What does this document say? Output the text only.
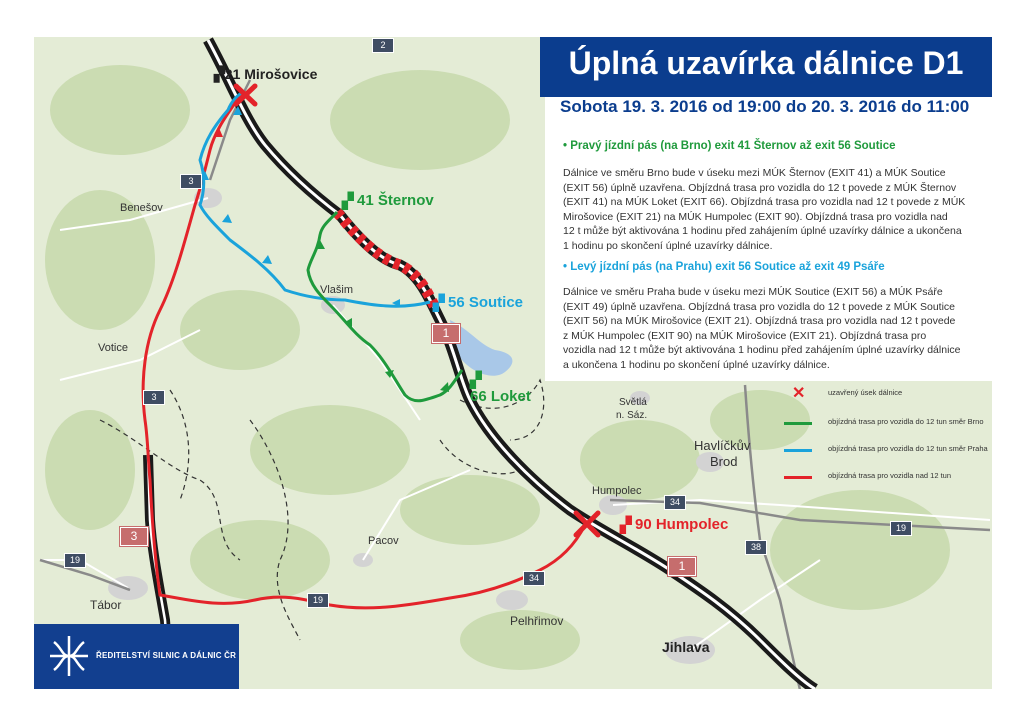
▞21 Mirošovice
▞ 41 Šternov
▞ 56 Soutice
▞
66 Loket
▞ 90 Humpolec
Benešov
Vlašim
Votice
Světlá
n. Sáz.
Havlíčkův
Brod
Humpolec
Pacov
Tábor
Pelhřimov
Jihlava
2
3
3
19
19
19
34
34
38
1
1
3
Úplná uzavírka dálnice D1
Sobota 19. 3. 2016 od 19:00 do 20. 3. 2016 do 11:00
• Pravý jízdní pás (na Brno) exit 41 Šternov až exit 56 Soutice
Dálnice ve směru Brno bude v úseku mezi MÚK Šternov (EXIT 41) a MÚK Soutice
(EXIT 56) úplně uzavřena. Objízdná trasa pro vozidla do 12 t povede z MÚK Šternov
(EXIT 41) na MÚK Loket (EXIT 66). Objízdná trasa pro vozidla nad 12 t povede z MÚK
Mirošovice (EXIT 21) na MÚK Humpolec (EXIT 90). Objízdná trasa pro vozidla nad
12 t může být aktivována 1 hodinu před zahájením úplné uzavírky dálnice a ukončena
1 hodinu po skončení úplné uzavírky dálnice.
• Levý jízdní pás (na Prahu) exit 56 Soutice až exit 49 Psáře
Dálnice ve směru Praha bude v úseku mezi MÚK Soutice (EXIT 56) a MÚK Psáře
(EXIT 49) úplně uzavřena. Objízdná trasa pro vozidla do 12 t povede z MÚK Soutice
(EXIT 56) na MÚK Mirošovice (EXIT 21). Objízdná trasa pro vozidla nad 12 t povede
z MÚK Humpolec (EXIT 90) na MÚK Mirošovice (EXIT 21). Objízdná trasa pro
vozidla nad 12 t může být aktivována 1 hodinu před zahájením úplné uzavírky dálnice
a ukončena 1 hodinu po skončení úplné uzavírky dálnice.
✕	uzavřený úsek dálnice
objízdná trasa pro vozidla do 12 tun směr Brno
objízdná trasa pro vozidla do 12 tun směr Praha
objízdná trasa pro vozidla nad 12 tun
ŘEDITELSTVÍ SILNIC A DÁLNIC ČR
